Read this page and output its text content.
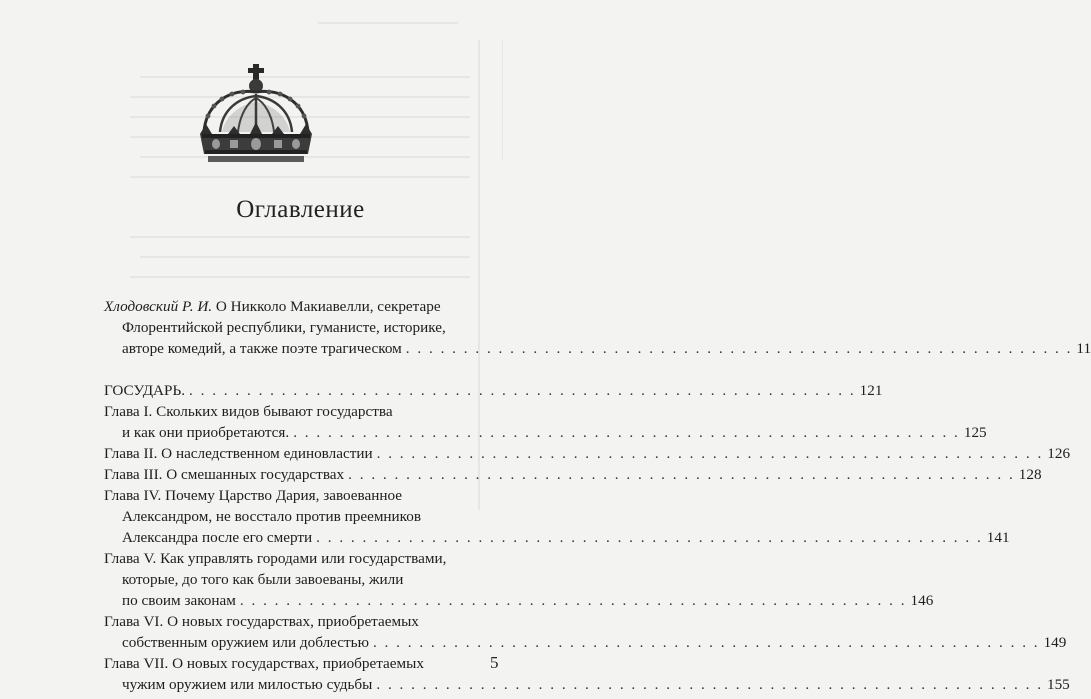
Оглавление
Хлодовский Р. И. О Никколо Макиавелли, секретаре
Флорентийской республики, гуманисте, историке,
авторе комедий, а также поэте трагическом . . . . . . . . . . . . . . . . . . . . . . . . . . . . . . . . . . . . . . . . . . . . . . . . . . . . . . . . . . 11
ГОСУДАРЬ. . . . . . . . . . . . . . . . . . . . . . . . . . . . . . . . . . . . . . . . . . . . . . . . . . . . . . . . . . . 121
Глава I. Скольких видов бывают государства
и как они приобретаются. . . . . . . . . . . . . . . . . . . . . . . . . . . . . . . . . . . . . . . . . . . . . . . . . . . . . . . . . . . 125
Глава II. О наследственном единовластии . . . . . . . . . . . . . . . . . . . . . . . . . . . . . . . . . . . . . . . . . . . . . . . . . . . . . . . . . . 126
Глава III. О смешанных государствах . . . . . . . . . . . . . . . . . . . . . . . . . . . . . . . . . . . . . . . . . . . . . . . . . . . . . . . . . . 128
Глава IV. Почему Царство Дария, завоеванное
Александром, не восстало против преемников
Александра после его смерти . . . . . . . . . . . . . . . . . . . . . . . . . . . . . . . . . . . . . . . . . . . . . . . . . . . . . . . . . . 141
Глава V. Как управлять городами или государствами,
которые, до того как были завоеваны, жили
по своим законам . . . . . . . . . . . . . . . . . . . . . . . . . . . . . . . . . . . . . . . . . . . . . . . . . . . . . . . . . . 146
Глава VI. О новых государствах, приобретаемых
собственным оружием или доблестью . . . . . . . . . . . . . . . . . . . . . . . . . . . . . . . . . . . . . . . . . . . . . . . . . . . . . . . . . . 149
Глава VII. О новых государствах, приобретаемых
чужим оружием или милостью судьбы . . . . . . . . . . . . . . . . . . . . . . . . . . . . . . . . . . . . . . . . . . . . . . . . . . . . . . . . . . 155
5
